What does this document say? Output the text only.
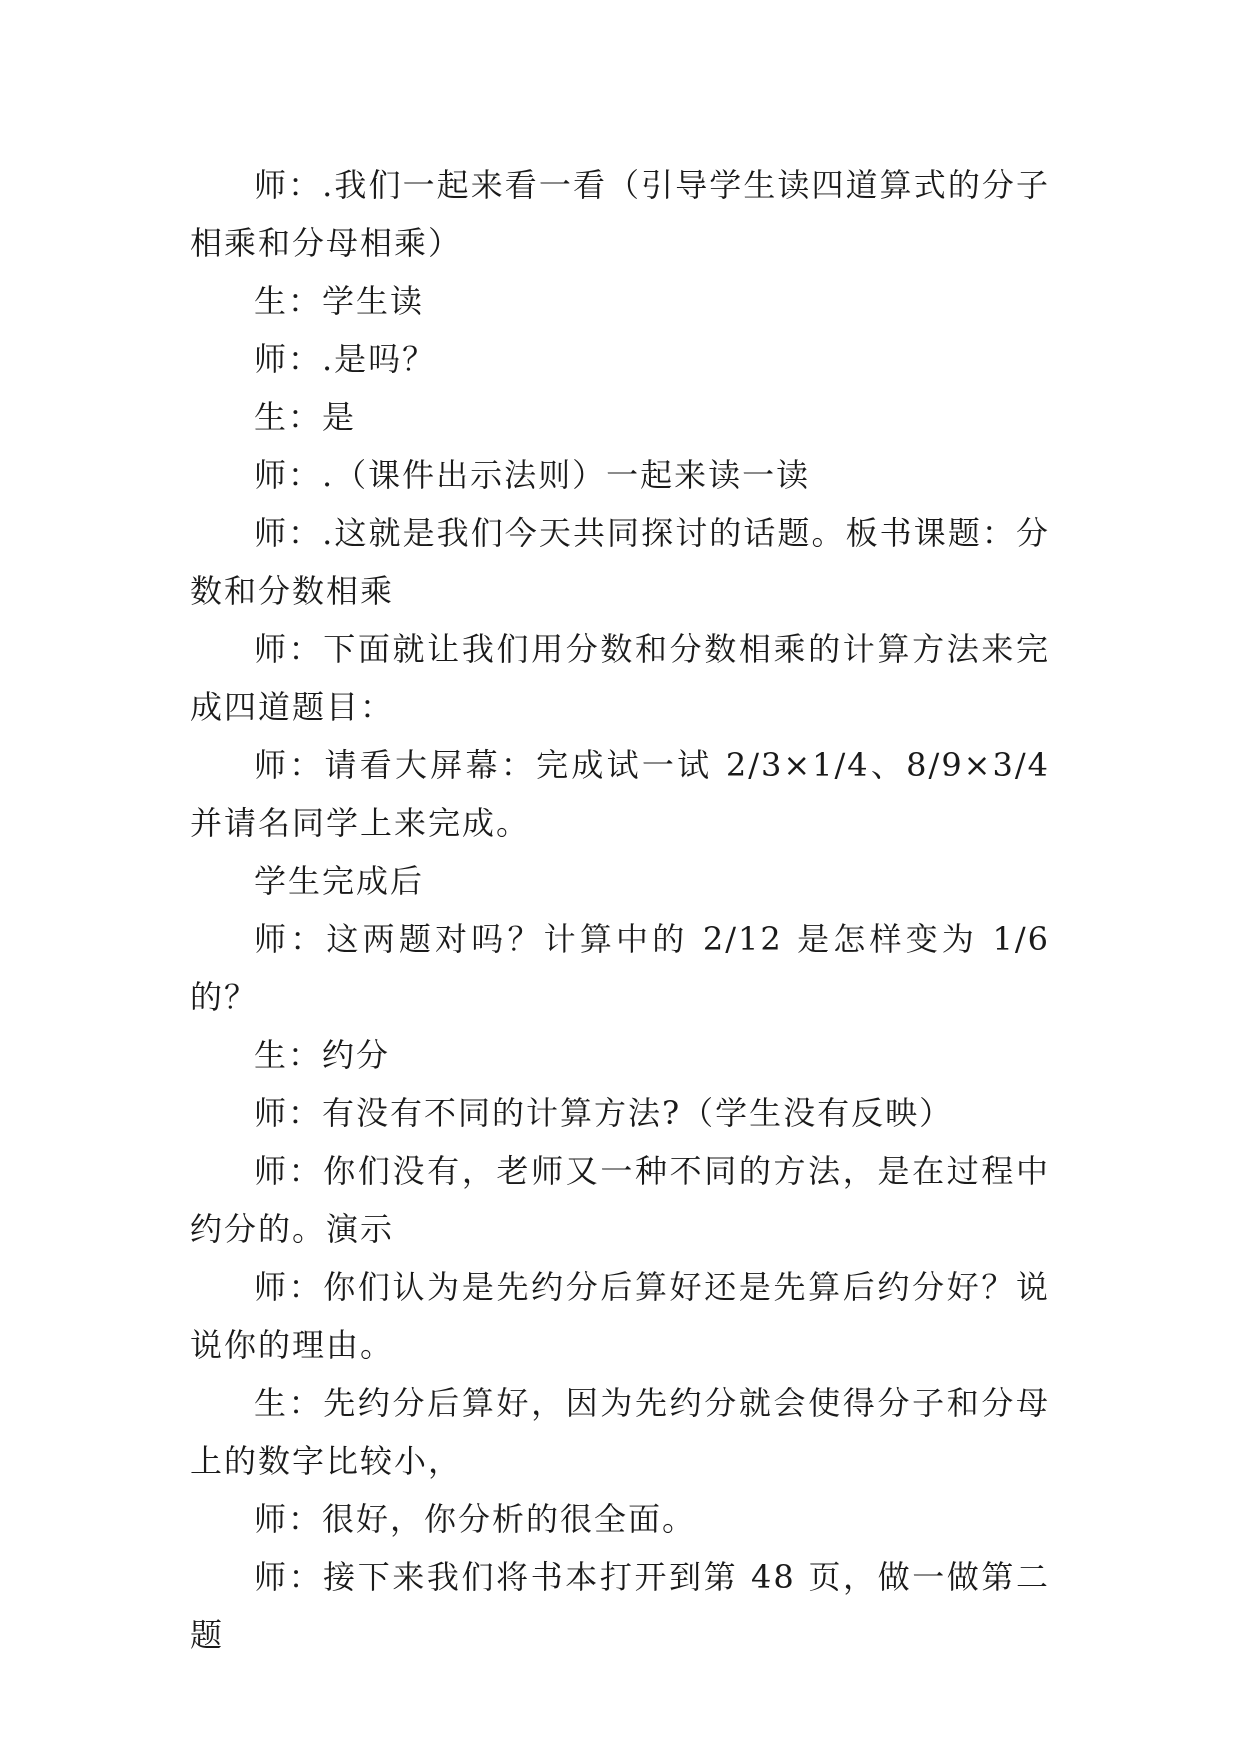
师：.我们一起来看一看（引导学生读四道算式的分子相乘和分母相乘）

生：学生读

师：.是吗？

生：是

师：.（课件出示法则）一起来读一读

师：.这就是我们今天共同探讨的话题。板书课题：分数和分数相乘

师：下面就让我们用分数和分数相乘的计算方法来完成四道题目：

师：请看大屏幕：完成试一试 2/3×1/4、8/9×3/4 并请名同学上来完成。

学生完成后

师：这两题对吗？计算中的 2/12 是怎样变为 1/6 的？

生：约分

师：有没有不同的计算方法?（学生没有反映）

师：你们没有，老师又一种不同的方法，是在过程中约分的。演示

师：你们认为是先约分后算好还是先算后约分好？说说你的理由。

生：先约分后算好，因为先约分就会使得分子和分母上的数字比较小，

师：很好，你分析的很全面。

师：接下来我们将书本打开到第 48 页，做一做第二题
